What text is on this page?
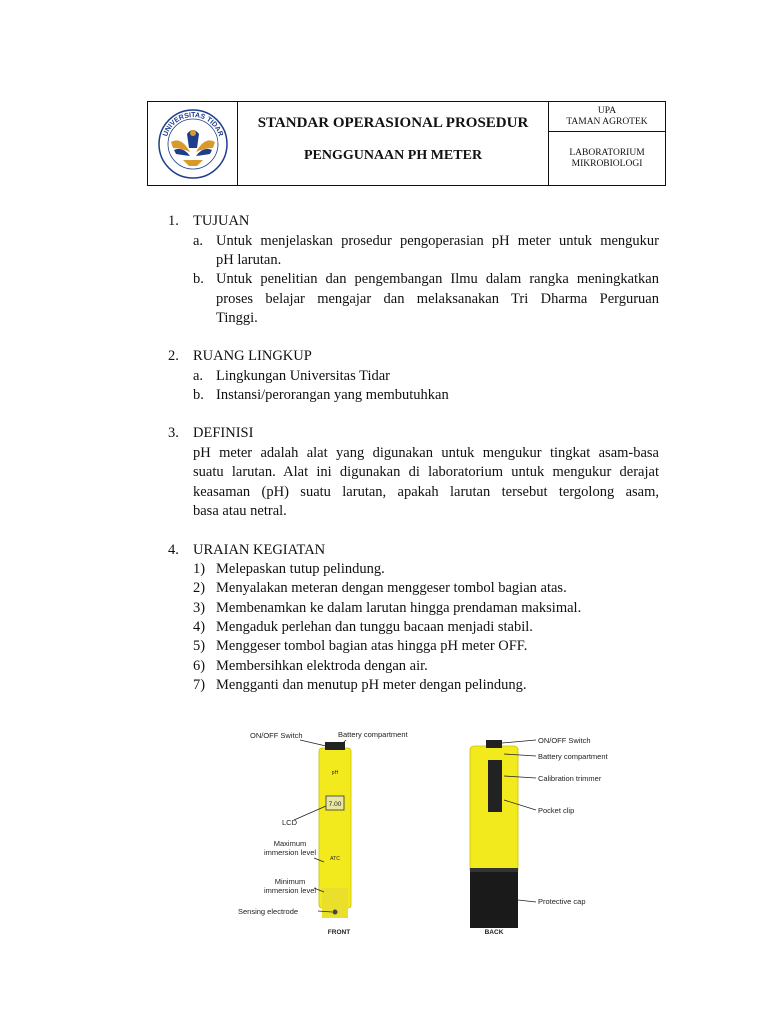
UNIVERSITAS TIDAR
STANDAR OPERASIONAL PROSEDUR
PENGGUNAAN PH METER
UPA
TAMAN AGROTEK
LABORATORIUM
MIKROBIOLOGI
1. TUJUAN
a. Untuk menjelaskan prosedur pengoperasian pH meter untuk mengukur
pH larutan.
b. Untuk penelitian dan pengembangan Ilmu dalam rangka meningkatkan
proses belajar mengajar dan melaksanakan Tri Dharma Perguruan
Tinggi.
2. RUANG LINGKUP
a. Lingkungan Universitas Tidar
b. Instansi/perorangan yang membutuhkan
3. DEFINISI
pH meter adalah alat yang digunakan untuk mengukur tingkat asam-basa
suatu larutan. Alat ini digunakan di laboratorium untuk mengukur derajat
keasaman (pH) suatu larutan, apakah larutan tersebut tergolong asam,
basa atau netral.
4. URAIAN KEGIATAN
1) Melepaskan tutup pelindung.
2) Menyalakan meteran dengan menggeser tombol bagian atas.
3) Membenamkan ke dalam larutan hingga prendaman maksimal.
4) Mengaduk perlehan dan tunggu bacaan menjadi stabil.
5) Menggeser tombol bagian atas hingga pH meter OFF.
6) Membersihkan elektroda dengan air.
7) Mengganti dan menutup pH meter dengan pelindung.
7.00
pH
ATC
ON/OFF Switch	Battery compartment
LCD
Maximum
immersion level
Minimum
immersion level
Sensing electrode
FRONT
ON/OFF Switch
Battery compartment
Calibration trimmer
Pocket clip
Protective cap
BACK
